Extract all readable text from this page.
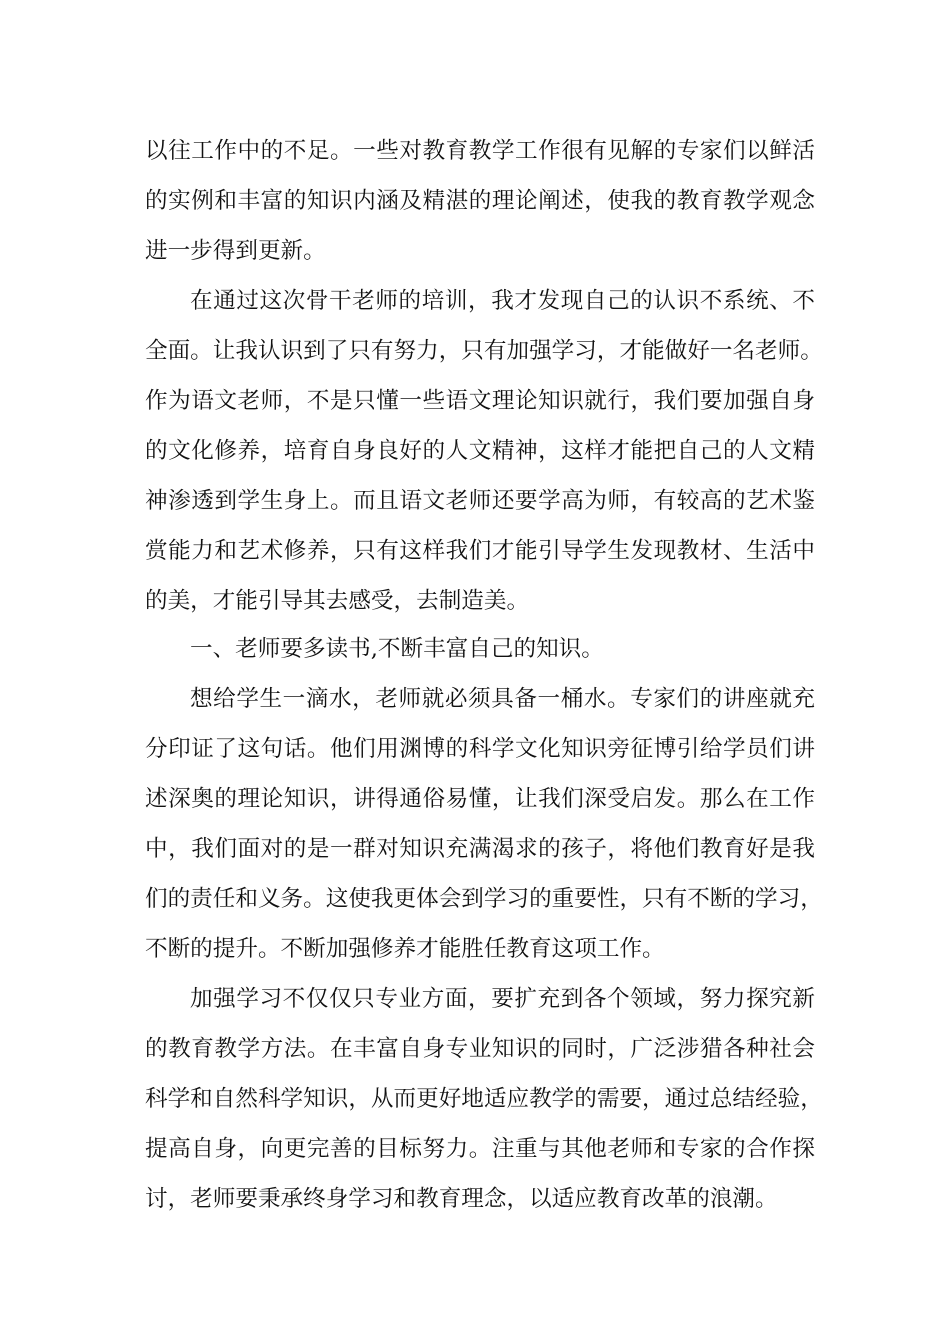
以往工作中的不足。一些对教育教学工作很有见解的专家们以鲜活
的实例和丰富的知识内涵及精湛的理论阐述，使我的教育教学观念
进一步得到更新。
在通过这次骨干老师的培训，我才发现自己的认识不系统、不
全面。让我认识到了只有努力，只有加强学习，才能做好一名老师。
作为语文老师，不是只懂一些语文理论知识就行，我们要加强自身
的文化修养，培育自身良好的人文精神，这样才能把自己的人文精
神渗透到学生身上。而且语文老师还要学高为师，有较高的艺术鉴
赏能力和艺术修养，只有这样我们才能引导学生发现教材、生活中
的美，才能引导其去感受，去制造美。
一、老师要多读书,不断丰富自己的知识。
想给学生一滴水，老师就必须具备一桶水。专家们的讲座就充
分印证了这句话。他们用渊博的科学文化知识旁征博引给学员们讲
述深奥的理论知识，讲得通俗易懂，让我们深受启发。那么在工作
中，我们面对的是一群对知识充满渴求的孩子，将他们教育好是我
们的责任和义务。这使我更体会到学习的重要性，只有不断的学习，
不断的提升。不断加强修养才能胜任教育这项工作。
加强学习不仅仅只专业方面，要扩充到各个领域，努力探究新
的教育教学方法。在丰富自身专业知识的同时，广泛涉猎各种社会
科学和自然科学知识，从而更好地适应教学的需要，通过总结经验，
提高自身，向更完善的目标努力。注重与其他老师和专家的合作探
讨，老师要秉承终身学习和教育理念，以适应教育改革的浪潮。
